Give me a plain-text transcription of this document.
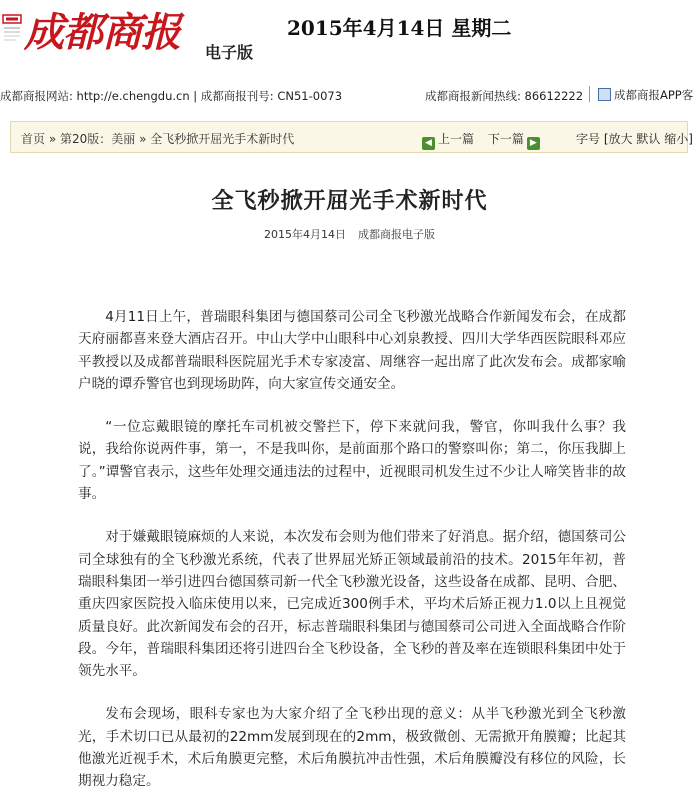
成都商报 电子版
2015年4月14日 星期二
成都商报网站: http://e.chengdu.cn | 成都商报刊号: CN51-0073	成都商报新闻热线: 86612222	成都商报APP客
首页 » 第20版：美丽 » 全飞秒掀开屈光手术新时代	◀ 上一篇 下一篇 ▶	字号 [放大 默认 缩小]
全飞秒掀开屈光手术新时代
2015年4月14日 成都商报电子版

4月11日上午，普瑞眼科集团与德国蔡司公司全飞秒激光战略合作新闻发布会，在成都天府丽都喜来登大酒店召开。中山大学中山眼科中心刘泉教授、四川大学华西医院眼科邓应平教授以及成都普瑞眼科医院屈光手术专家凌富、周继容一起出席了此次发布会。成都家喻户晓的谭乔警官也到现场助阵，向大家宣传交通安全。

“一位忘戴眼镜的摩托车司机被交警拦下，停下来就问我，警官，你叫我什么事？我说，我给你说两件事，第一，不是我叫你，是前面那个路口的警察叫你；第二，你压我脚上了。”谭警官表示，这些年处理交通违法的过程中，近视眼司机发生过不少让人啼笑皆非的故事。

对于嫌戴眼镜麻烦的人来说，本次发布会则为他们带来了好消息。据介绍，德国蔡司公司全球独有的全飞秒激光系统，代表了世界屈光矫正领域最前沿的技术。2015年年初，普瑞眼科集团一举引进四台德国蔡司新一代全飞秒激光设备，这些设备在成都、昆明、合肥、重庆四家医院投入临床使用以来，已完成近300例手术，平均术后矫正视力1.0以上且视觉质量良好。此次新闻发布会的召开，标志普瑞眼科集团与德国蔡司公司进入全面战略合作阶段。今年，普瑞眼科集团还将引进四台全飞秒设备，全飞秒的普及率在连锁眼科集团中处于领先水平。

发布会现场，眼科专家也为大家介绍了全飞秒出现的意义：从半飞秒激光到全飞秒激光，手术切口已从最初的22mm发展到现在的2mm，极致微创、无需掀开角膜瓣；比起其他激光近视手术，术后角膜更完整，术后角膜抗冲击性强，术后角膜瓣没有移位的风险，长期视力稳定。
